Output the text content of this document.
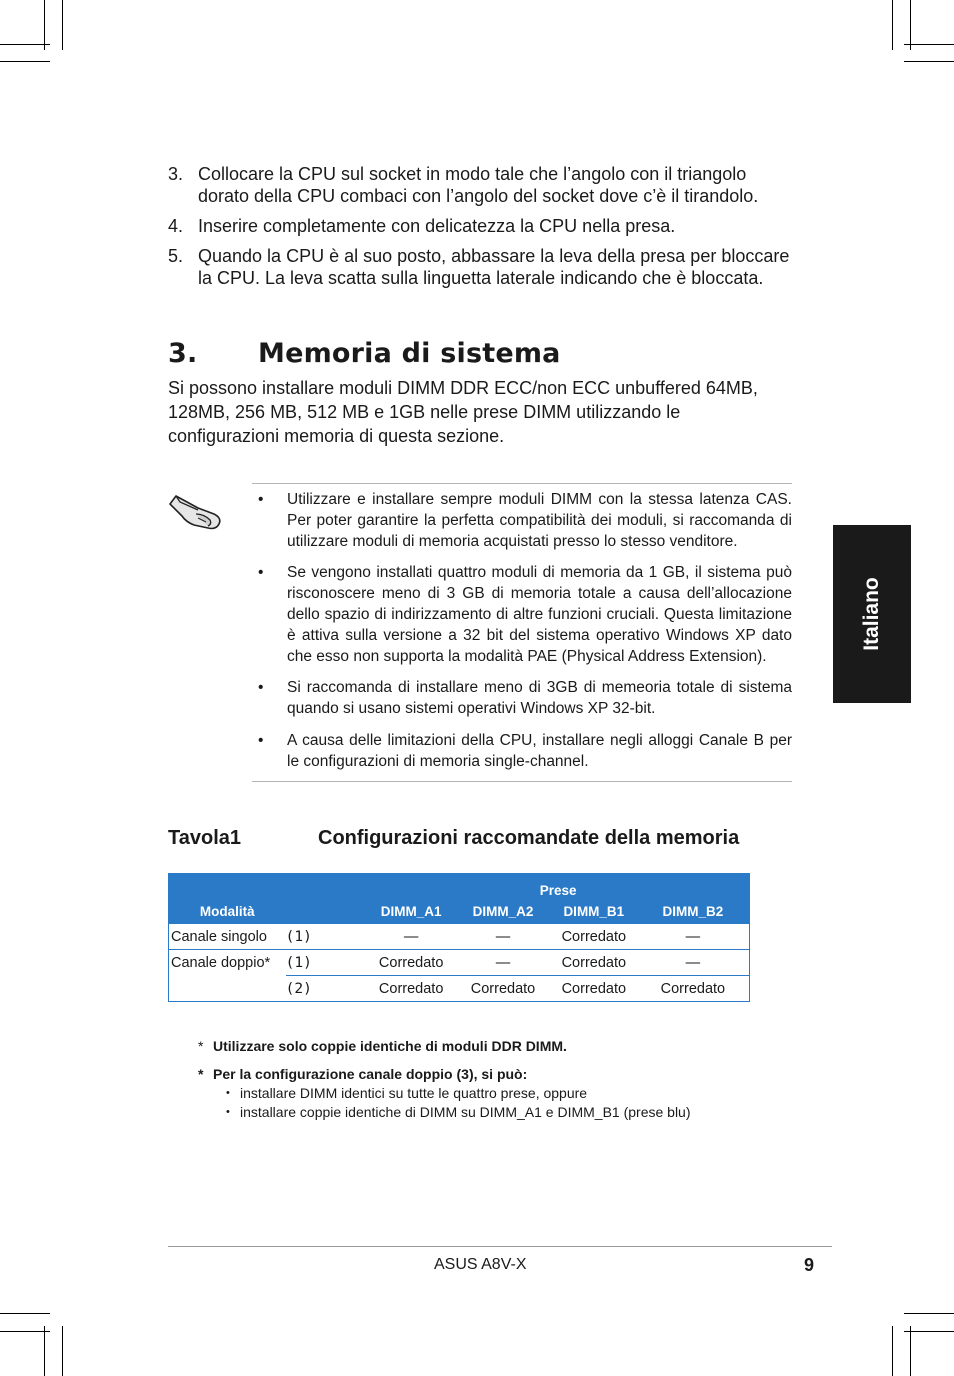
3. Collocare la CPU sul socket in modo tale che l’angolo con il triangolo dorato della CPU combaci con l’angolo del socket dove c’è il tirandolo.
4. Inserire completamente con delicatezza la CPU nella presa.
5. Quando la CPU è al suo posto, abbassare la leva della presa per bloccare la CPU. La leva scatta sulla linguetta laterale indicando che è bloccata.
3. Memoria di sistema

Si possono installare moduli DIMM DDR ECC/non ECC unbuffered 64MB, 128MB, 256 MB, 512 MB e 1GB nelle prese DIMM utilizzando le configurazioni memoria di questa sezione.

• Utilizzare e installare sempre moduli DIMM con la stessa latenza CAS. Per poter garantire la perfetta compatibilità dei moduli, si raccomanda di utilizzare moduli di memoria acquistati presso lo stesso venditore.
• Se vengono installati quattro moduli di memoria da 1 GB, il sistema può risconoscere meno di 3 GB di memoria totale a causa dell’allocazione dello spazio di indirizzamento di altre funzioni cruciali. Questa limitazione è attiva sulla versione a 32 bit del sistema operativo Windows XP dato che esso non supporta la modalità PAE (Physical Address Extension).
• Si raccomanda di installare meno di 3GB di memeoria totale di sistema quando si usano sistemi operativi Windows XP 32-bit.
• A causa delle limitazioni della CPU, installare negli alloggi Canale B per le configurazioni di memoria single-channel.
Italiano
Tavola1	Configurazioni raccomandate della memoria
		Prese			
Modalità		DIMM_A1	DIMM_A2	DIMM_B1	DIMM_B2
Canale singolo	(1)	—	—	Corredato	—
Canale doppio*	(1)	Corredato	—	Corredato	—
	(2)	Corredato	Corredato	Corredato	Corredato
* Utilizzare solo coppie identiche di moduli DDR DIMM.
* Per la configurazione canale doppio (3), si può:
• installare DIMM identici su tutte le quattro prese, oppure
• installare coppie identiche di DIMM su DIMM_A1 e DIMM_B1 (prese blu)
ASUS A8V-X	9
